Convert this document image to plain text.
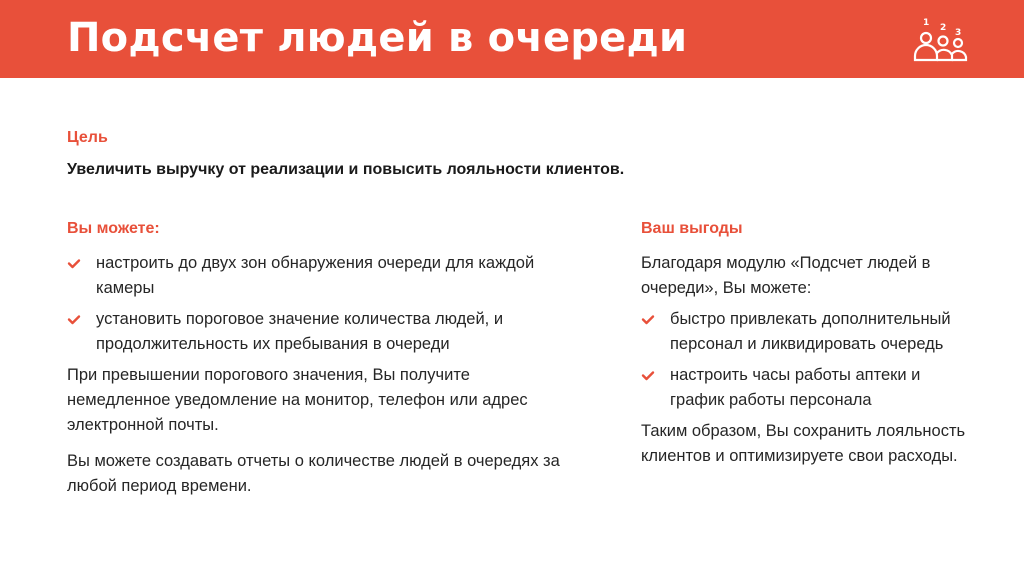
Подсчет людей в очереди	1 2 3

Цель

Увеличить выручку от реализации и повысить лояльности клиентов.

Вы можете:

настроить до двух зон обнаружения очереди для каждой камеры
установить пороговое значение количества людей, и продолжительность их пребывания в очереди

При превышении порогового значения, Вы получите немедленное уведомление на монитор, телефон или адрес электронной почты.

Вы можете создавать отчеты о количестве людей в очередях за любой период времени.

Ваш выгоды

Благодаря модулю «Подсчет людей в очереди», Вы можете:

быстро привлекать дополнительный персонал и ликвидировать очередь
настроить часы работы аптеки и график работы персонала

Таким образом, Вы сохранить лояльность клиентов и оптимизируете свои расходы.
